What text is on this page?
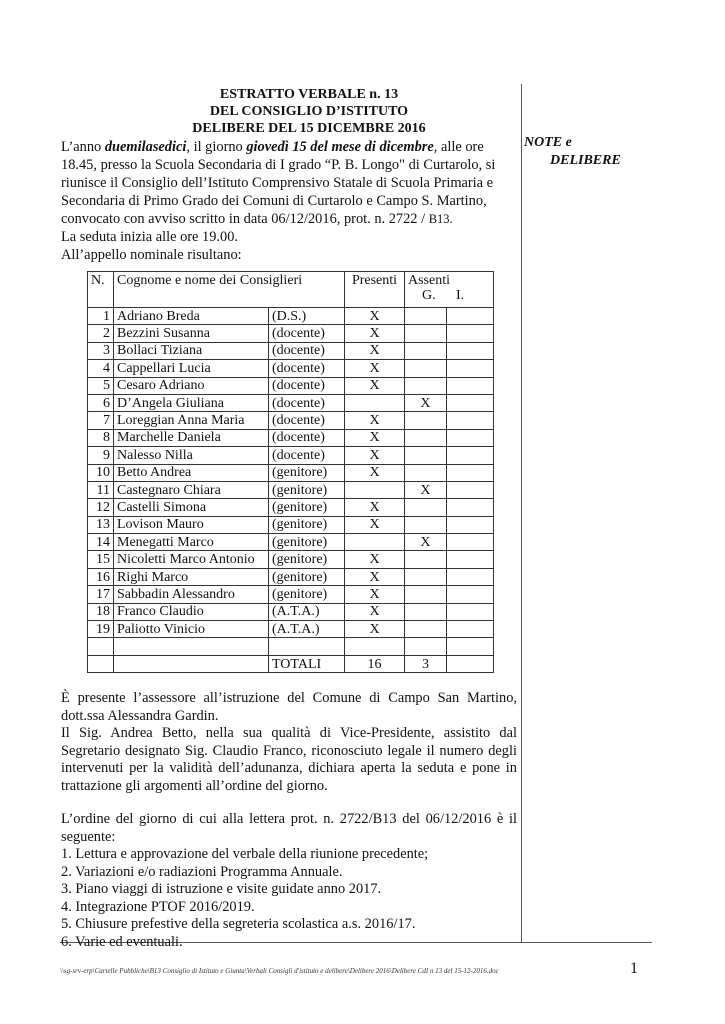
NOTE e
DELIBERE
ESTRATTO VERBALE n. 13
DEL CONSIGLIO D’ISTITUTO
DELIBERE DEL 15 DICEMBRE 2016
L’anno duemilasedici, il giorno giovedì 15 del mese di dicembre, alle ore 18.45, presso la Scuola Secondaria di I grado “P. B. Longo" di Curtarolo, si riunisce il Consiglio dell’Istituto Comprensivo Statale di Scuola Primaria e Secondaria di Primo Grado dei Comuni di Curtarolo e Campo S. Martino, convocato con avviso scritto in data 06/12/2016, prot. n. 2722 / B13.
La seduta inizia alle ore 19.00.
All’appello nominale risultano:
N.	Cognome e nome dei Consiglieri		Presenti	Assenti
G. I.	

1	Adriano Breda	(D.S.)	X		
2	Bezzini Susanna	(docente)	X		
3	Bollaci Tiziana	(docente)	X		
4	Cappellari Lucia	(docente)	X		
5	Cesaro Adriano	(docente)	X		
6	D’Angela Giuliana	(docente)		X	
7	Loreggian Anna Maria	(docente)	X		
8	Marchelle Daniela	(docente)	X		
9	Nalesso Nilla	(docente)	X		
10	Betto Andrea	(genitore)	X		
11	Castegnaro Chiara	(genitore)		X	
12	Castelli Simona	(genitore)	X		
13	Lovison Mauro	(genitore)	X		
14	Menegatti Marco	(genitore)		X	
15	Nicoletti Marco Antonio	(genitore)	X		
16	Righi Marco	(genitore)	X		
17	Sabbadin Alessandro	(genitore)	X		
18	Franco Claudio	(A.T.A.)	X		
19	Paliotto Vinicio	(A.T.A.)	X		

		TOTALI	16	3	

È presente l’assessore all’istruzione del Comune di Campo San Martino, dott.ssa Alessandra Gardin.

Il Sig. Andrea Betto, nella sua qualità di Vice-Presidente, assistito dal Segretario designato Sig. Claudio Franco, riconosciuto legale il numero degli intervenuti per la validità dell’adunanza, dichiara aperta la seduta e pone in trattazione gli argomenti all’ordine del giorno.

L’ordine del giorno di cui alla lettera prot. n. 2722/B13 del 06/12/2016 è il seguente:

1. Lettura e approvazione del verbale della riunione precedente;
2. Variazioni e/o radiazioni Programma Annuale.
3. Piano viaggi di istruzione e visite guidate anno 2017.
4. Integrazione PTOF 2016/2019.
5. Chiusure prefestive della segreteria scolastica a.s. 2016/17.
6. Varie ed eventuali.
\\sg-srv-erp\Cartelle Pubbliche\B13 Consiglio di Istituto e Giunta\Verbali Consigli d'istituto e delibere\Delibere 2016\Delibere CdI n 13 del 15-12-2016.doc	1
